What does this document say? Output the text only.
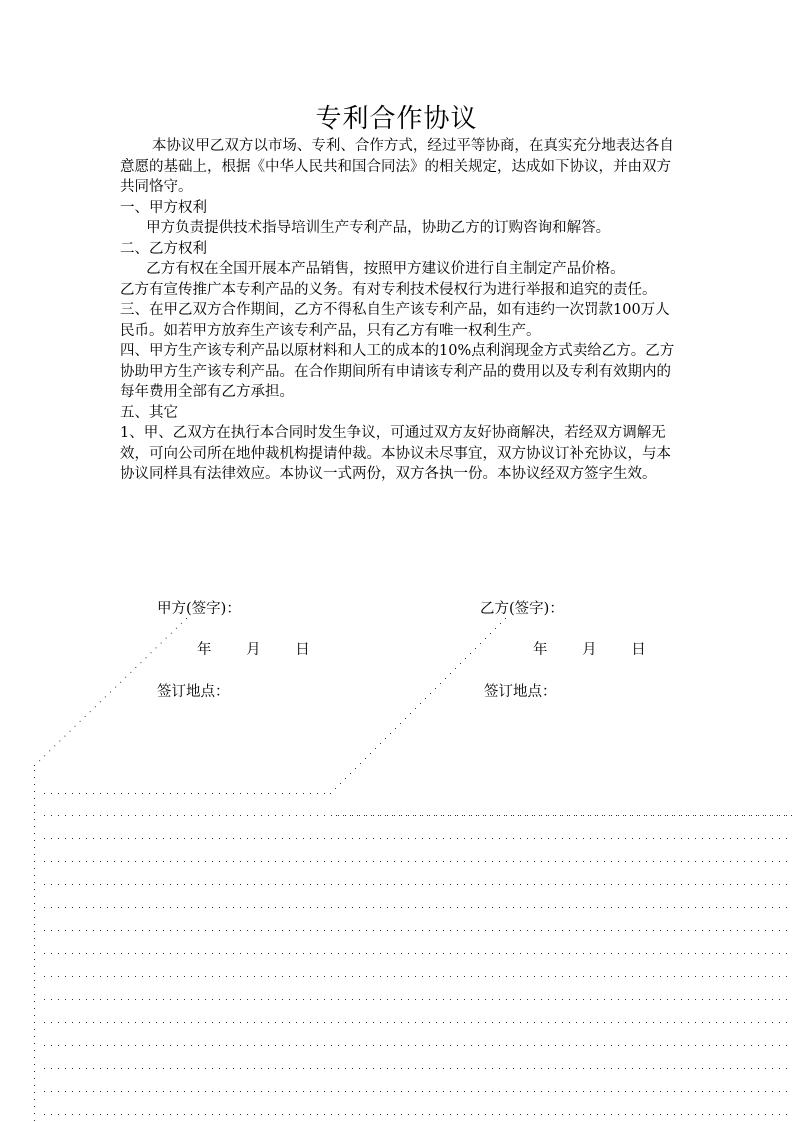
专利合作协议

本协议甲乙双方以市场、专利、合作方式，经过平等协商，在真实充分地表达各自意愿的基础上，根据《中华人民共和国合同法》的相关规定，达成如下协议，并由双方共同恪守。

一、甲方权利

甲方负责提供技术指导培训生产专利产品，协助乙方的订购咨询和解答。

二、乙方权利

乙方有权在全国开展本产品销售，按照甲方建议价进行自主制定产品价格。

乙方有宣传推广本专利产品的义务。有对专利技术侵权行为进行举报和追究的责任。

三、在甲乙双方合作期间，乙方不得私自生产该专利产品，如有违约一次罚款100万人民币。如若甲方放弃生产该专利产品，只有乙方有唯一权利生产。

四、甲方生产该专利产品以原材料和人工的成本的10%点利润现金方式卖给乙方。乙方协助甲方生产该专利产品。在合作期间所有申请该专利产品的费用以及专利有效期内的每年费用全部有乙方承担。

五、其它

1、甲、乙双方在执行本合同时发生争议，可通过双方友好协商解决，若经双方调解无效，可向公司所在地仲裁机构提请仲裁。本协议未尽事宜，双方协议订补充协议，与本协议同样具有法律效应。本协议一式两份，双方各执一份。本协议经双方签字生效。

甲方(签字)：	乙方(签字)：
年 月 日	年 月 日
签订地点：	签订地点：
